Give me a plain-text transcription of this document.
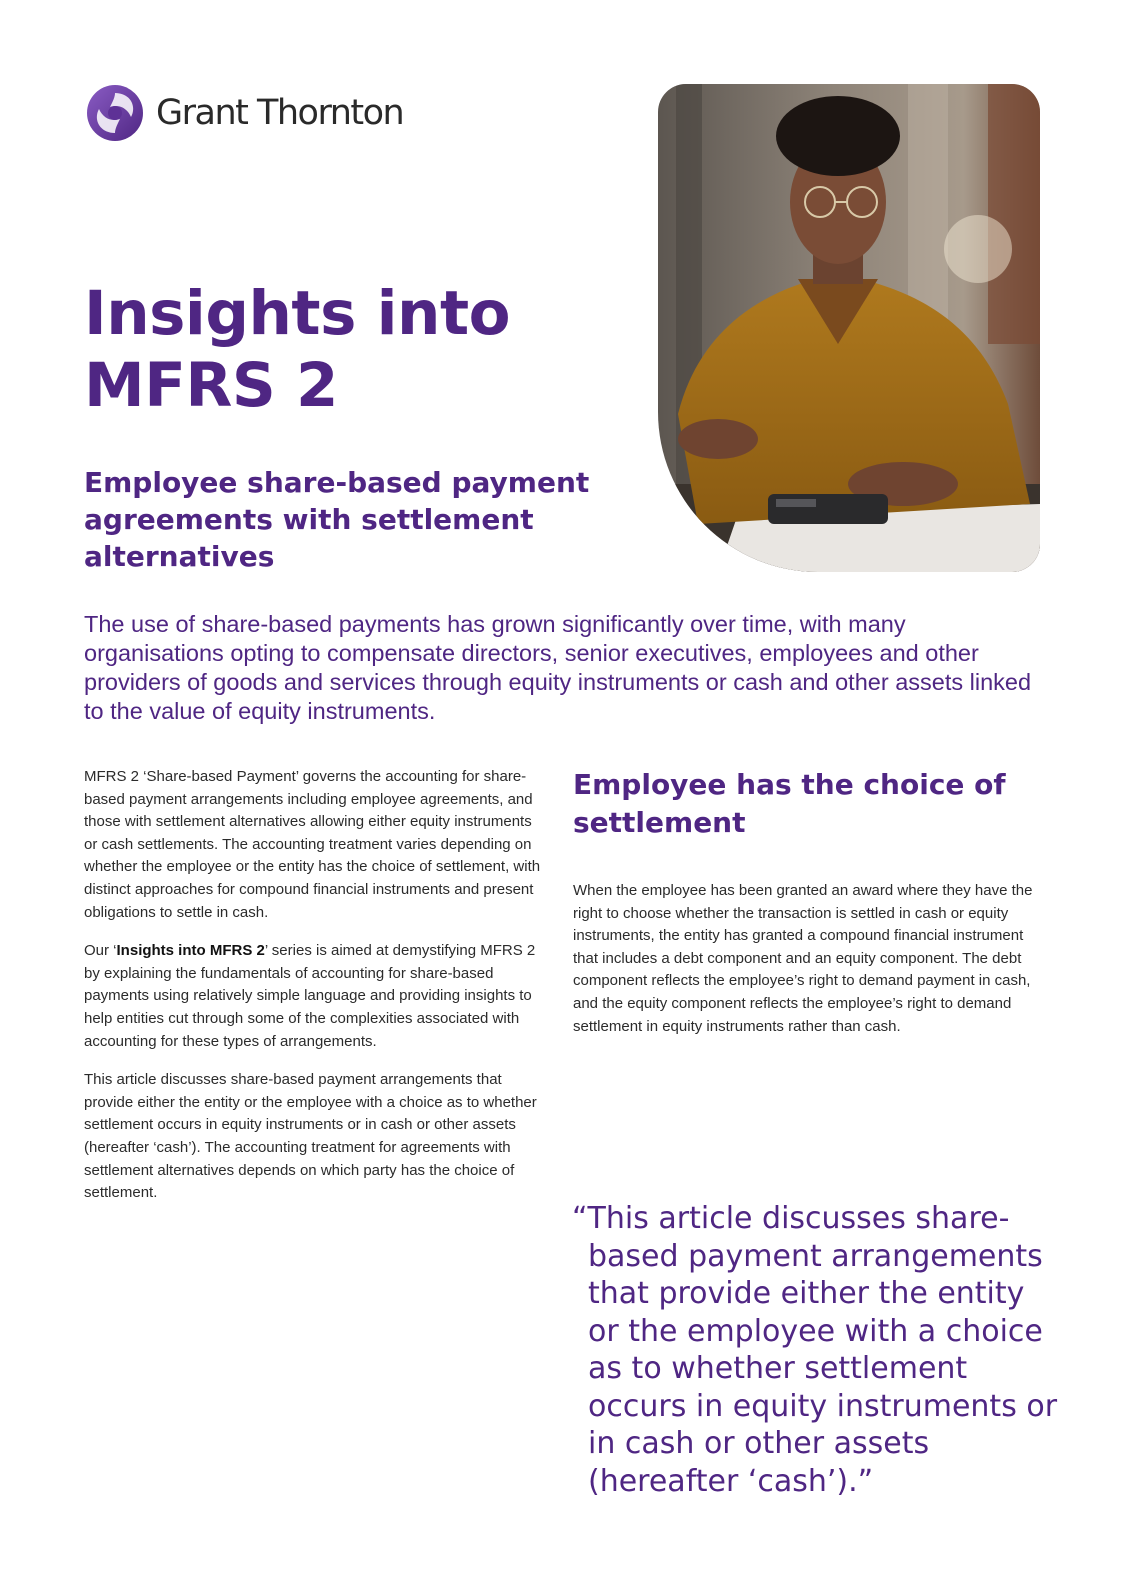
Grant Thornton
Insights into MFRS 2
Employee share-based payment agreements with settlement alternatives

The use of share-based payments has grown significantly over time, with many organisations opting to compensate directors, senior executives, employees and other providers of goods and services through equity instruments or cash and other assets linked to the value of equity instruments.

MFRS 2 ‘Share-based Payment’ governs the accounting for share-based payment arrangements including employee agreements, and those with settlement alternatives allowing either equity instruments or cash settlements. The accounting treatment varies depending on whether the employee or the entity has the choice of settlement, with distinct approaches for compound financial instruments and present obligations to settle in cash.

Our ‘Insights into MFRS 2’ series is aimed at demystifying MFRS 2 by explaining the fundamentals of accounting for share-based payments using relatively simple language and providing insights to help entities cut through some of the complexities associated with accounting for these types of arrangements.

This article discusses share-based payment arrangements that provide either the entity or the employee with a choice as to whether settlement occurs in equity instruments or in cash or other assets (hereafter ‘cash’). The accounting treatment for agreements with settlement alternatives depends on which party has the choice of settlement.

Employee has the choice of settlement

When the employee has been granted an award where they have the right to choose whether the transaction is settled in cash or equity instruments, the entity has granted a compound financial instrument that includes a debt component and an equity component. The debt component reflects the employee’s right to demand payment in cash, and the equity component reflects the employee’s right to demand settlement in equity instruments rather than cash.

“This article discusses share-based payment arrangements that provide either the entity or the employee with a choice as to whether settlement occurs in equity instruments or in cash or other assets (hereafter ‘cash’).”
